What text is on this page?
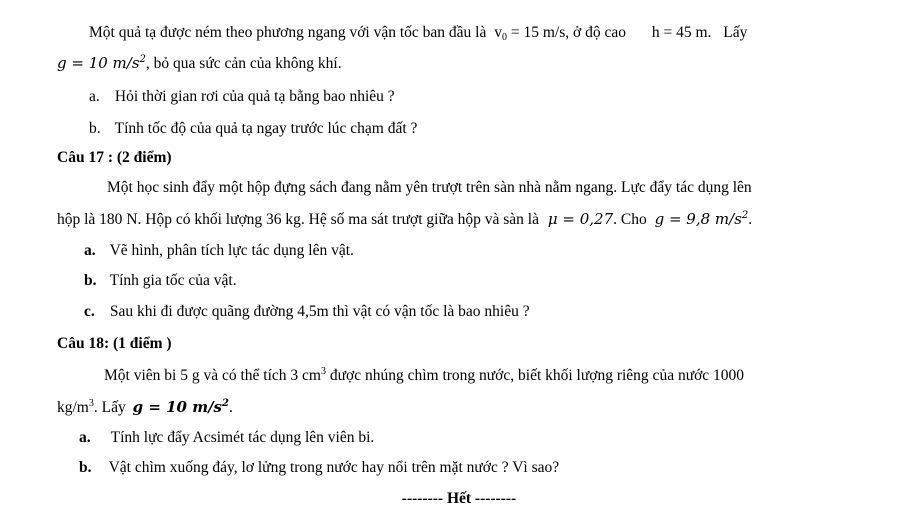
Một quả tạ được ném theo phương ngang với vận tốc ban đầu là $v_0 = 15$ m/s, ở độ cao h = 45 m. Lấy
g = 10 $m/s^2$, bỏ qua sức cản của không khí.
a. Hỏi thời gian rơi của quả tạ bằng bao nhiêu ?
b. Tính tốc độ của quả tạ ngay trước lúc chạm đất ?
Câu 17 : (2 điểm)
Một học sinh đẩy một hộp đựng sách đang nằm yên trượt trên sàn nhà nằm ngang. Lực đẩy tác dụng lên
hộp là 180 N. Hộp có khối lượng 36 kg. Hệ số ma sát trượt giữa hộp và sàn là μ = 0,27. Cho g = 9,8 $m/s^2$.
a. Vẽ hình, phân tích lực tác dụng lên vật.
b. Tính gia tốc của vật.
c. Sau khi đi được quãng đường 4,5m thì vật có vận tốc là bao nhiêu ?
Câu 18: (1 điểm )
Một viên bi 5 g và có thể tích 3 $cm^3$ được nhúng chìm trong nước, biết khối lượng riêng của nước 1000
$kg/m^3$. Lấy g = 10 $m/s^2$.
a. Tính lực đẩy Acsimét tác dụng lên viên bi.
b. Vật chìm xuống đáy, lơ lửng trong nước hay nổi trên mặt nước ? Vì sao?
-------- Hết --------
